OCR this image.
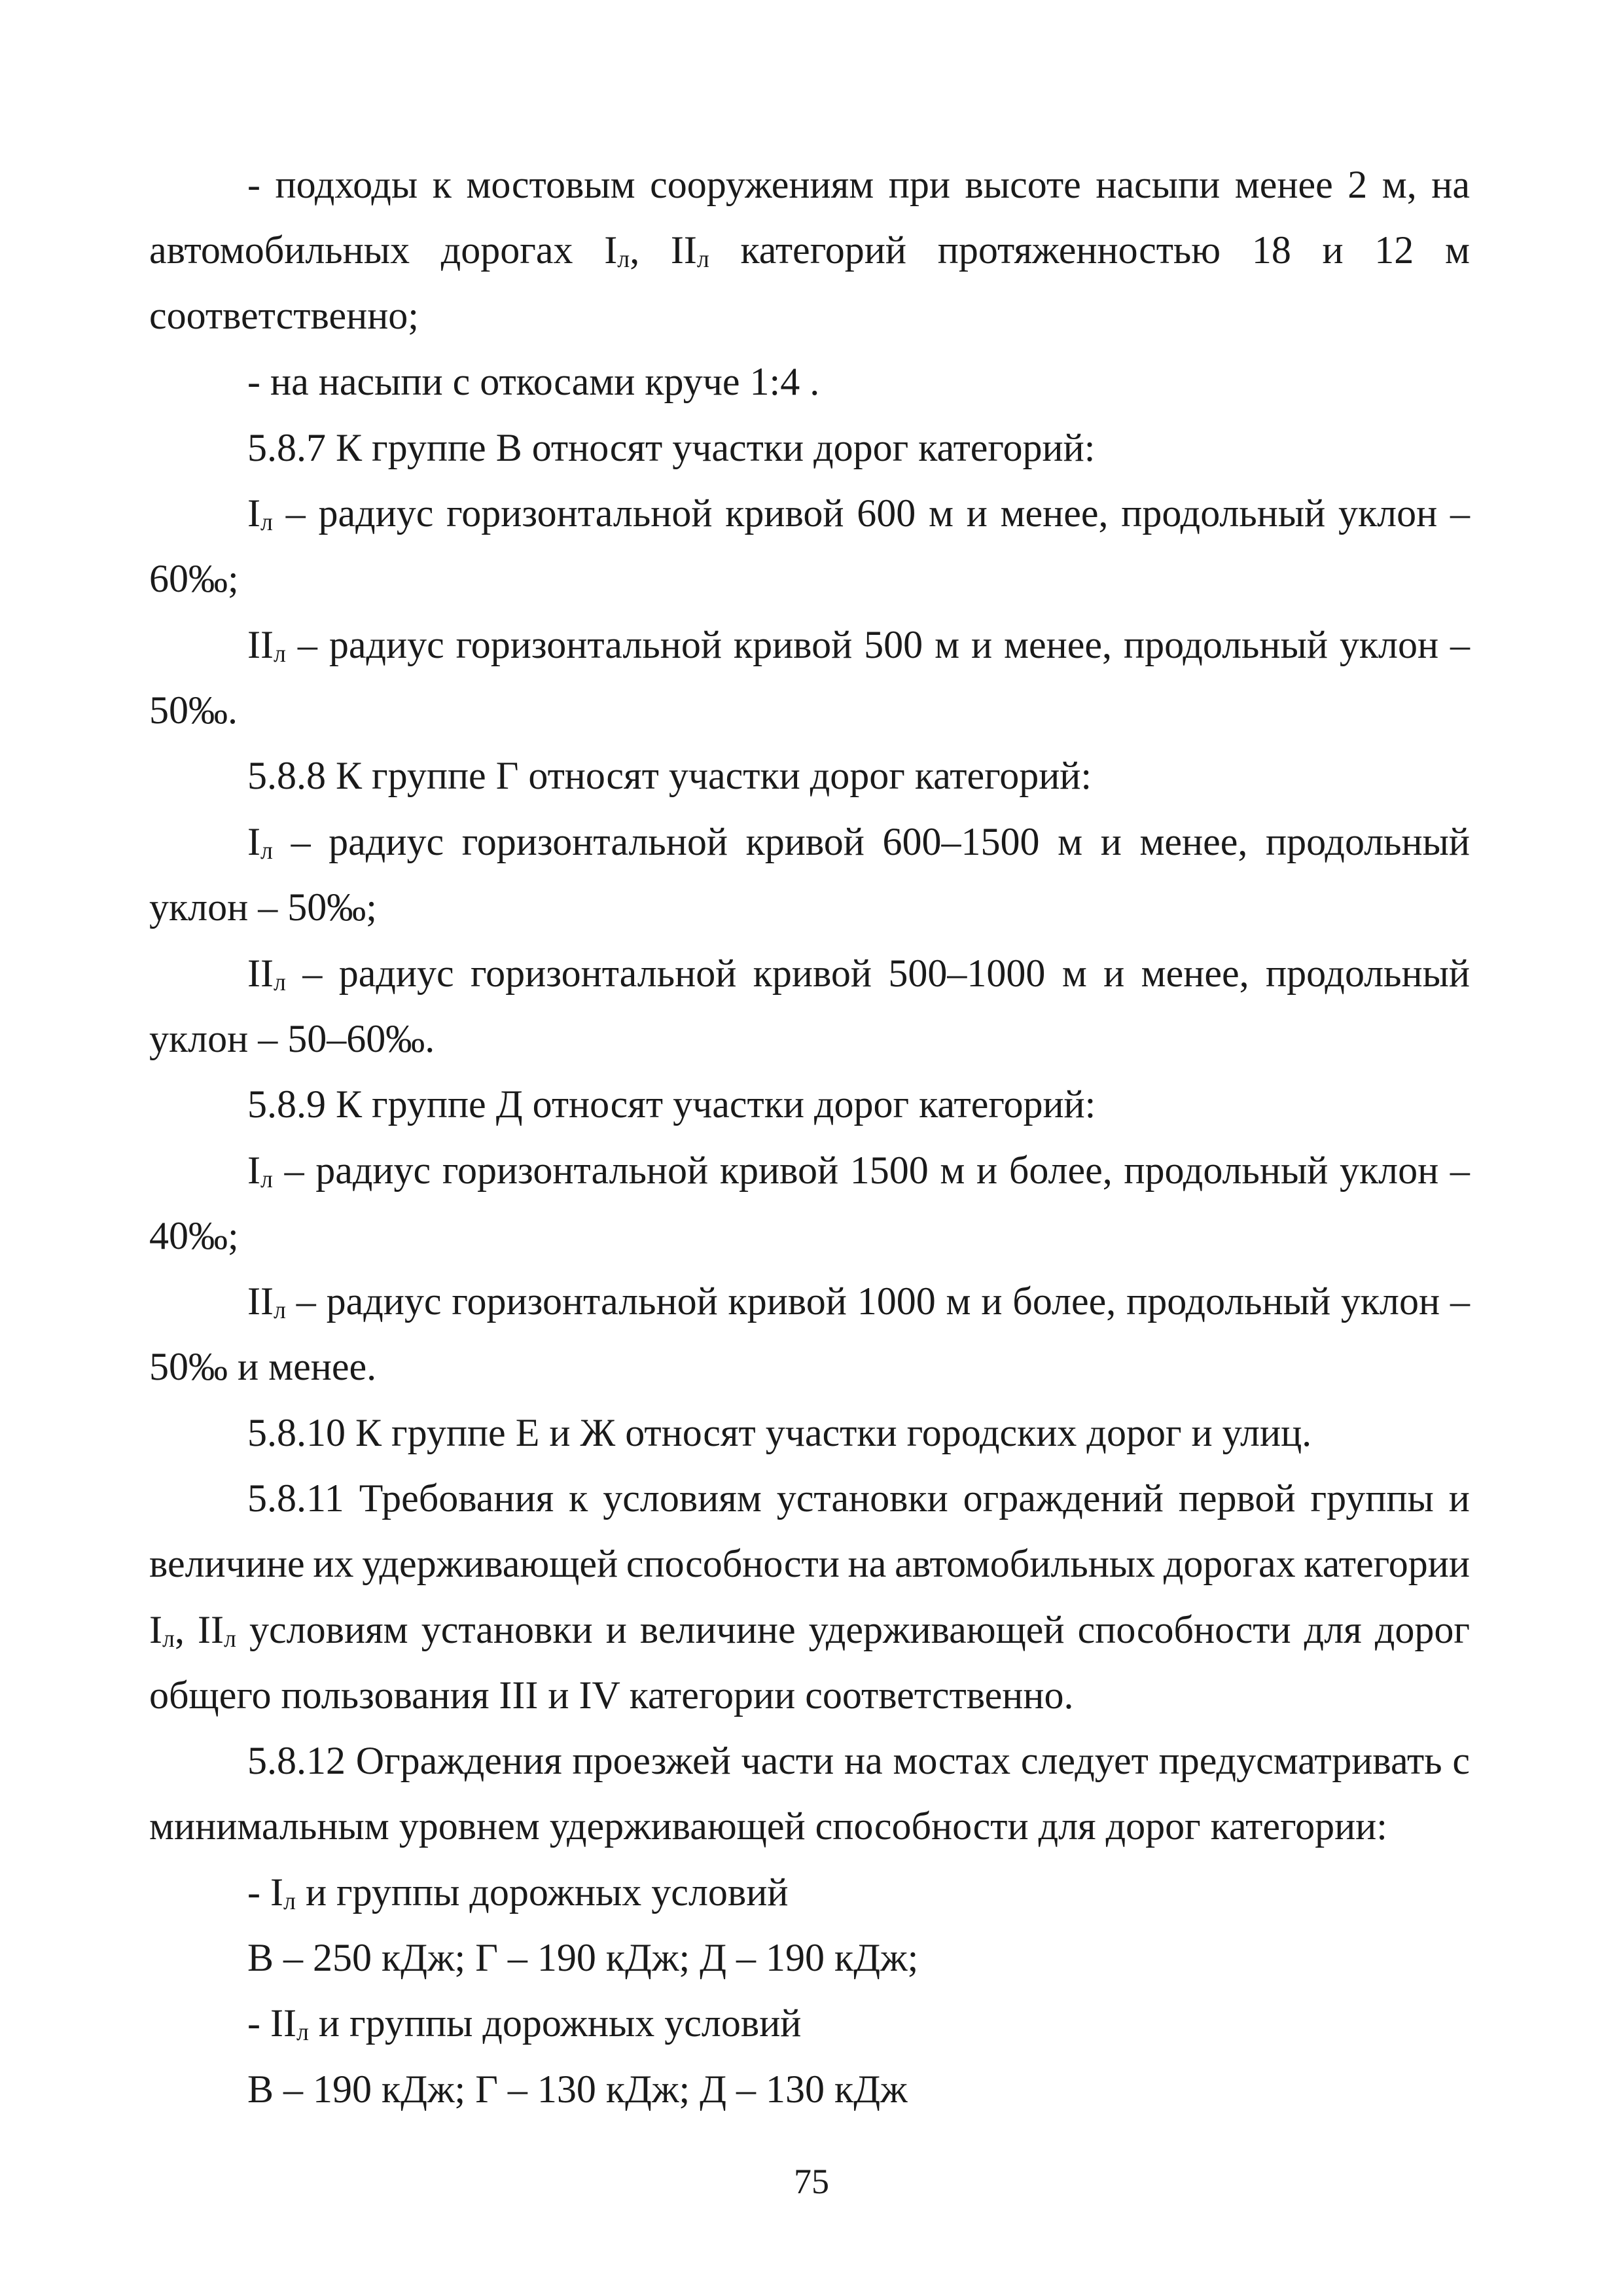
- подходы к мостовым сооружениям при высоте насыпи менее 2 м, на
автомобильных дорогах $I_л$, $II_л$ категорий протяженностью 18 и 12 м
соответственно;
- на насыпи с откосами круче 1:4 .
5.8.7 К группе В относят участки дорог категорий:
$I_л$ – радиус горизонтальной кривой 600 м и менее, продольный уклон –
60‰;
$II_л$ – радиус горизонтальной кривой 500 м и менее, продольный уклон –
50‰.
5.8.8 К группе Г относят участки дорог категорий:
$I_л$ – радиус горизонтальной кривой 600–1500 м и менее, продольный
уклон – 50‰;
$II_л$ – радиус горизонтальной кривой 500–1000 м и менее, продольный
уклон – 50–60‰.
5.8.9 К группе Д относят участки дорог категорий:
$I_л$ – радиус горизонтальной кривой 1500 м и более, продольный уклон –
40‰;
$II_л$ – радиус горизонтальной кривой 1000 м и более, продольный уклон –
50‰ и менее.
5.8.10 К группе Е и Ж относят участки городских дорог и улиц.
5.8.11 Требования к условиям установки ограждений первой группы и
величине их удерживающей способности на автомобильных дорогах категории
$I_л$, $II_л$ условиям установки и величине удерживающей способности для дорог
общего пользования III и IV категории соответственно.
5.8.12 Ограждения проезжей части на мостах следует предусматривать с
минимальным уровнем удерживающей способности для дорог категории:
- $I_л$ и группы дорожных условий
В – 250 кДж; Г – 190 кДж; Д – 190 кДж;
- $II_л$ и группы дорожных условий
В – 190 кДж; Г – 130 кДж; Д – 130 кДж
75
